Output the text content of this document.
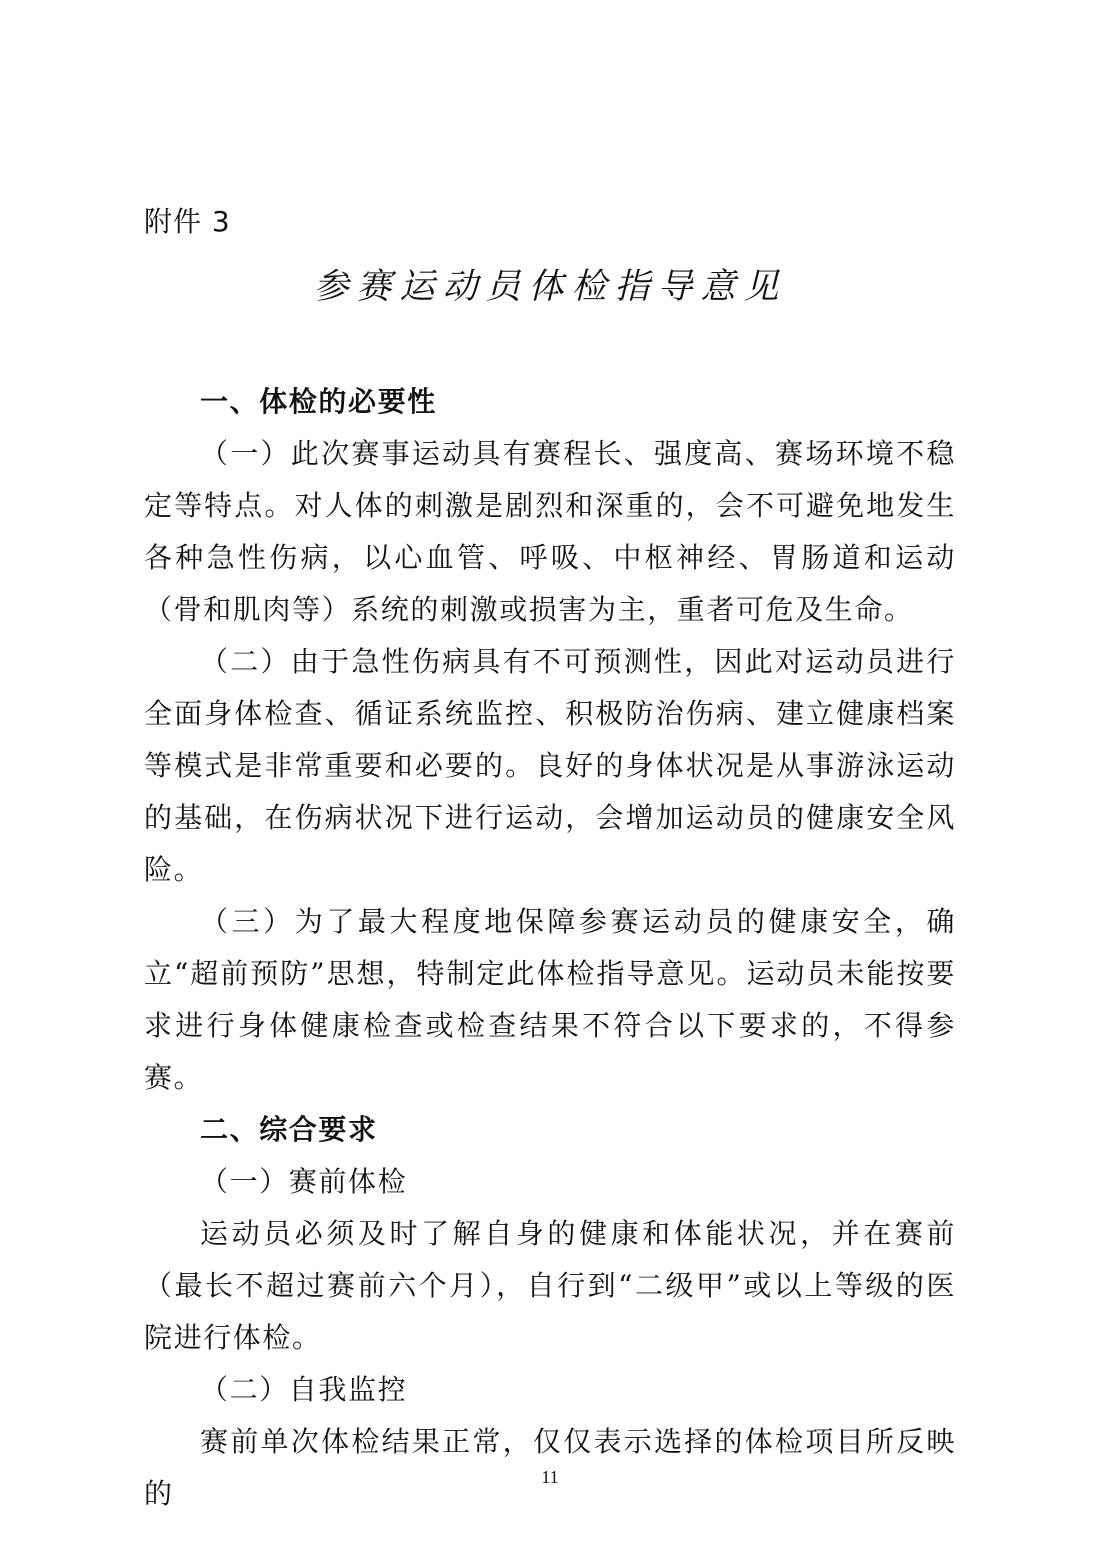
附件 3
参赛运动员体检指导意见

一、体检的必要性

（一）此次赛事运动具有赛程长、强度高、赛场环境不稳定等特点。对人体的刺激是剧烈和深重的，会不可避免地发生各种急性伤病，以心血管、呼吸、中枢神经、胃肠道和运动（骨和肌肉等）系统的刺激或损害为主，重者可危及生命。

（二）由于急性伤病具有不可预测性，因此对运动员进行全面身体检查、循证系统监控、积极防治伤病、建立健康档案等模式是非常重要和必要的。良好的身体状况是从事游泳运动的基础，在伤病状况下进行运动，会增加运动员的健康安全风险。

（三）为了最大程度地保障参赛运动员的健康安全，确立“超前预防”思想，特制定此体检指导意见。运动员未能按要求进行身体健康检查或检查结果不符合以下要求的，不得参赛。

二、综合要求

（一）赛前体检

运动员必须及时了解自身的健康和体能状况，并在赛前（最长不超过赛前六个月），自行到“二级甲”或以上等级的医院进行体检。

（二）自我监控

赛前单次体检结果正常，仅仅表示选择的体检项目所反映的	11
